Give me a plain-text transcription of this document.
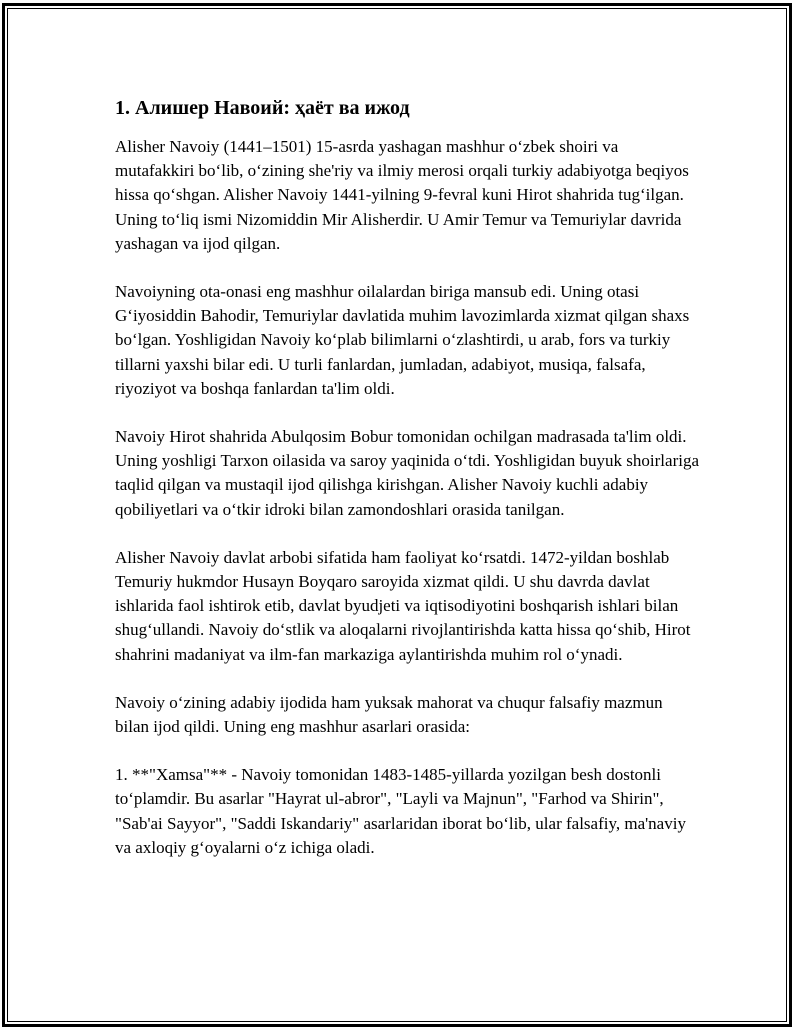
1. Алишер Навоий: ҳаёт ва ижод

Alisher Navoiy (1441–1501) 15-asrda yashagan mashhur oʻzbek shoiri va mutafakkiri boʻlib, oʻzining she'riy va ilmiy merosi orqali turkiy adabiyotga beqiyos hissa qoʻshgan. Alisher Navoiy 1441-yilning 9-fevral kuni Hirot shahrida tugʻilgan. Uning toʻliq ismi Nizomiddin Mir Alisherdir. U Amir Temur va Temuriylar davrida yashagan va ijod qilgan.

Navoiyning ota-onasi eng mashhur oilalardan biriga mansub edi. Uning otasi Gʻiyosiddin Bahodir, Temuriylar davlatida muhim lavozimlarda xizmat qilgan shaxs boʻlgan. Yoshligidan Navoiy koʻplab bilimlarni oʻzlashtirdi, u arab, fors va turkiy tillarni yaxshi bilar edi. U turli fanlardan, jumladan, adabiyot, musiqa, falsafa, riyoziyot va boshqa fanlardan ta'lim oldi.

Navoiy Hirot shahrida Abulqosim Bobur tomonidan ochilgan madrasada ta'lim oldi. Uning yoshligi Tarxon oilasida va saroy yaqinida oʻtdi. Yoshligidan buyuk shoirlariga taqlid qilgan va mustaqil ijod qilishga kirishgan. Alisher Navoiy kuchli adabiy qobiliyetlari va oʻtkir idroki bilan zamondoshlari orasida tanilgan.

Alisher Navoiy davlat arbobi sifatida ham faoliyat koʻrsatdi. 1472-yildan boshlab Temuriy hukmdor Husayn Boyqaro saroyida xizmat qildi. U shu davrda davlat ishlarida faol ishtirok etib, davlat byudjeti va iqtisodiyotini boshqarish ishlari bilan shugʻullandi. Navoiy doʻstlik va aloqalarni rivojlantirishda katta hissa qoʻshib, Hirot shahrini madaniyat va ilm-fan markaziga aylantirishda muhim rol oʻynadi.

Navoiy oʻzining adabiy ijodida ham yuksak mahorat va chuqur falsafiy mazmun bilan ijod qildi. Uning eng mashhur asarlari orasida:

1. **"Xamsa"** - Navoiy tomonidan 1483-1485-yillarda yozilgan besh dostonli toʻplamdir. Bu asarlar "Hayrat ul-abror", "Layli va Majnun", "Farhod va Shirin", "Sab'ai Sayyor", "Saddi Iskandariy" asarlaridan iborat boʻlib, ular falsafiy, ma'naviy va axloqiy gʻoyalarni oʻz ichiga oladi.
